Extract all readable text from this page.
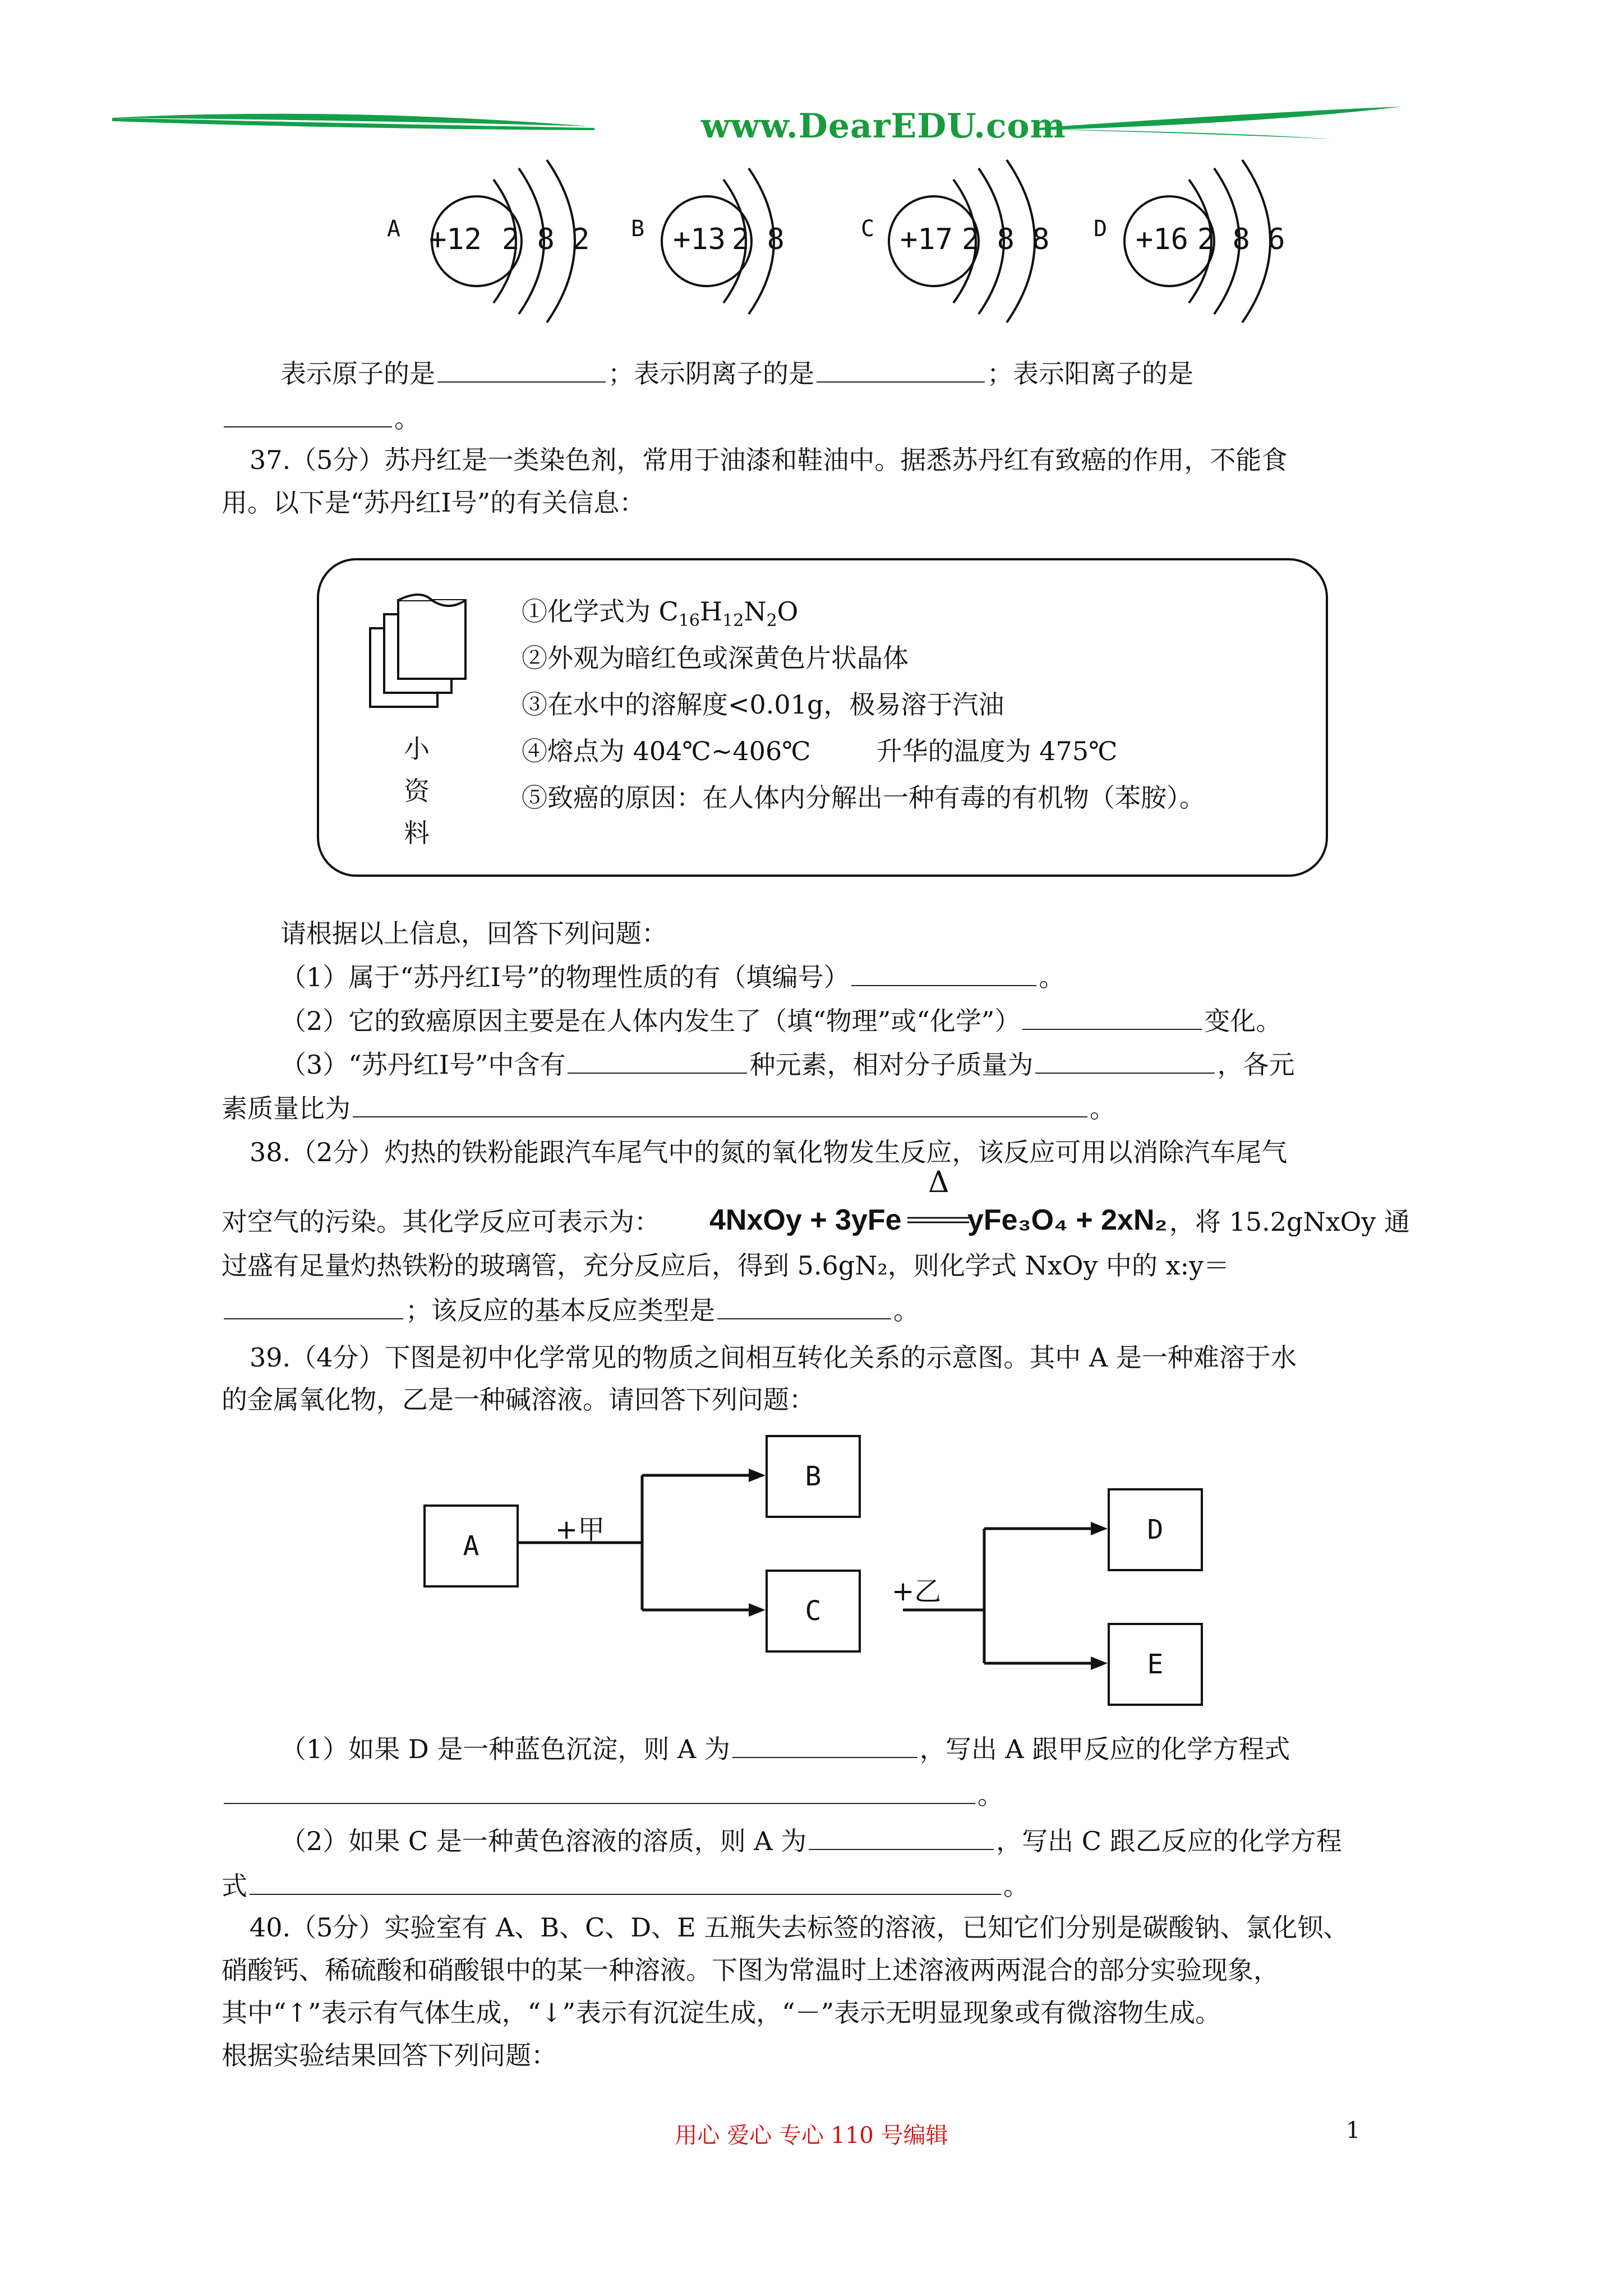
www.DearEDU.com
A +12 2 8 2 B +13 2 8	C +17 2 8 8 D +16 2 8 6
表示原子的是	；表示阴离子的是	；表示阳离子的是
。
37.（5分）苏丹红是一类染色剂，常用于油漆和鞋油中。据悉苏丹红有致癌的作用，不能食
用。以下是“苏丹红Ⅰ号”的有关信息：
小
资
料
①化学式为 $C_{16}H_{12}N_2O$
②外观为暗红色或深黄色片状晶体
③在水中的溶解度<0.01g，极易溶于汽油
④熔点为 404℃~406℃        升华的温度为 475℃
⑤致癌的原因：在人体内分解出一种有毒的有机物（苯胺）。
请根据以上信息，回答下列问题：
（1）属于“苏丹红Ⅰ号”的物理性质的有（填编号）	。
（2）它的致癌原因主要是在人体内发生了（填“物理”或“化学”）	变化。
（3）“苏丹红Ⅰ号”中含有	种元素，相对分子质量为	，各元
素质量比为	。
38.（2分）灼热的铁粉能跟汽车尾气中的氮的氧化物发生反应，该反应可用以消除汽车尾气
对空气的污染。其化学反应可表示为： 4NxOy + 3yFe
Δ
yFe₃O₄ + 2xN₂ ，将 15.2gNxOy 通
过盛有足量灼热铁粉的玻璃管，充分反应后，得到 5.6gN₂，则化学式 NxOy 中的 x:y＝
；该反应的基本反应类型是	。
39.（4分）下图是初中化学常见的物质之间相互转化关系的示意图。其中 A 是一种难溶于水
的金属氧化物，乙是一种碱溶液。请回答下列问题：
A
B
C
D
E
+甲
+乙
（1）如果 D 是一种蓝色沉淀，则 A 为	，写出 A 跟甲反应的化学方程式
。
（2）如果 C 是一种黄色溶液的溶质，则 A 为	，写出 C 跟乙反应的化学方程
式	。
40.（5分）实验室有 A、B、C、D、E 五瓶失去标签的溶液，已知它们分别是碳酸钠、氯化钡、
硝酸钙、稀硫酸和硝酸银中的某一种溶液。下图为常温时上述溶液两两混合的部分实验现象，
其中“↑”表示有气体生成，“↓”表示有沉淀生成，“－”表示无明显现象或有微溶物生成。
根据实验结果回答下列问题：
用心 爱心 专心 110 号编辑	1
